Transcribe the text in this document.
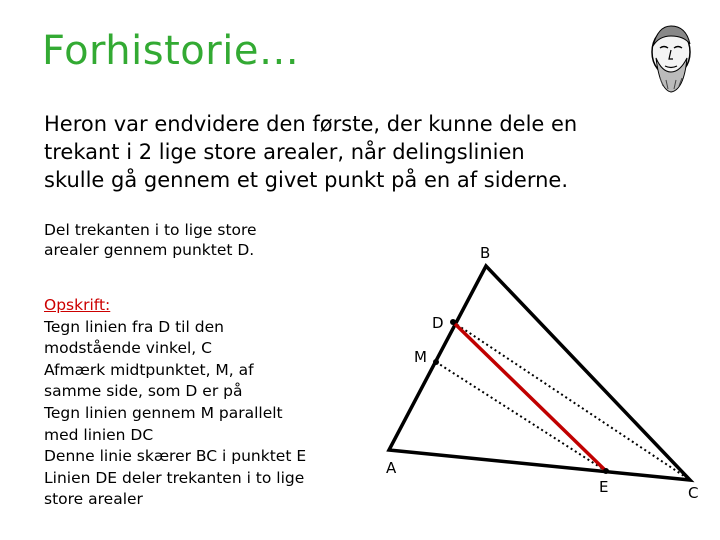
Forhistorie…

Heron var endvidere den første, der kunne dele en
trekant i 2 lige store arealer, når delingslinien
skulle gå gennem et givet punkt på en af siderne.

Del trekanten i to lige store
arealer gennem punktet D.

Opskrift:
Tegn linien fra D til den
modstående vinkel, C
Afmærk midtpunktet, M, af
samme side, som D er på
Tegn linien gennem M parallelt
med linien DC
Denne linie skærer BC i punktet E
Linien DE deler trekanten i to lige
store arealer
B
D
M
A
E	C
